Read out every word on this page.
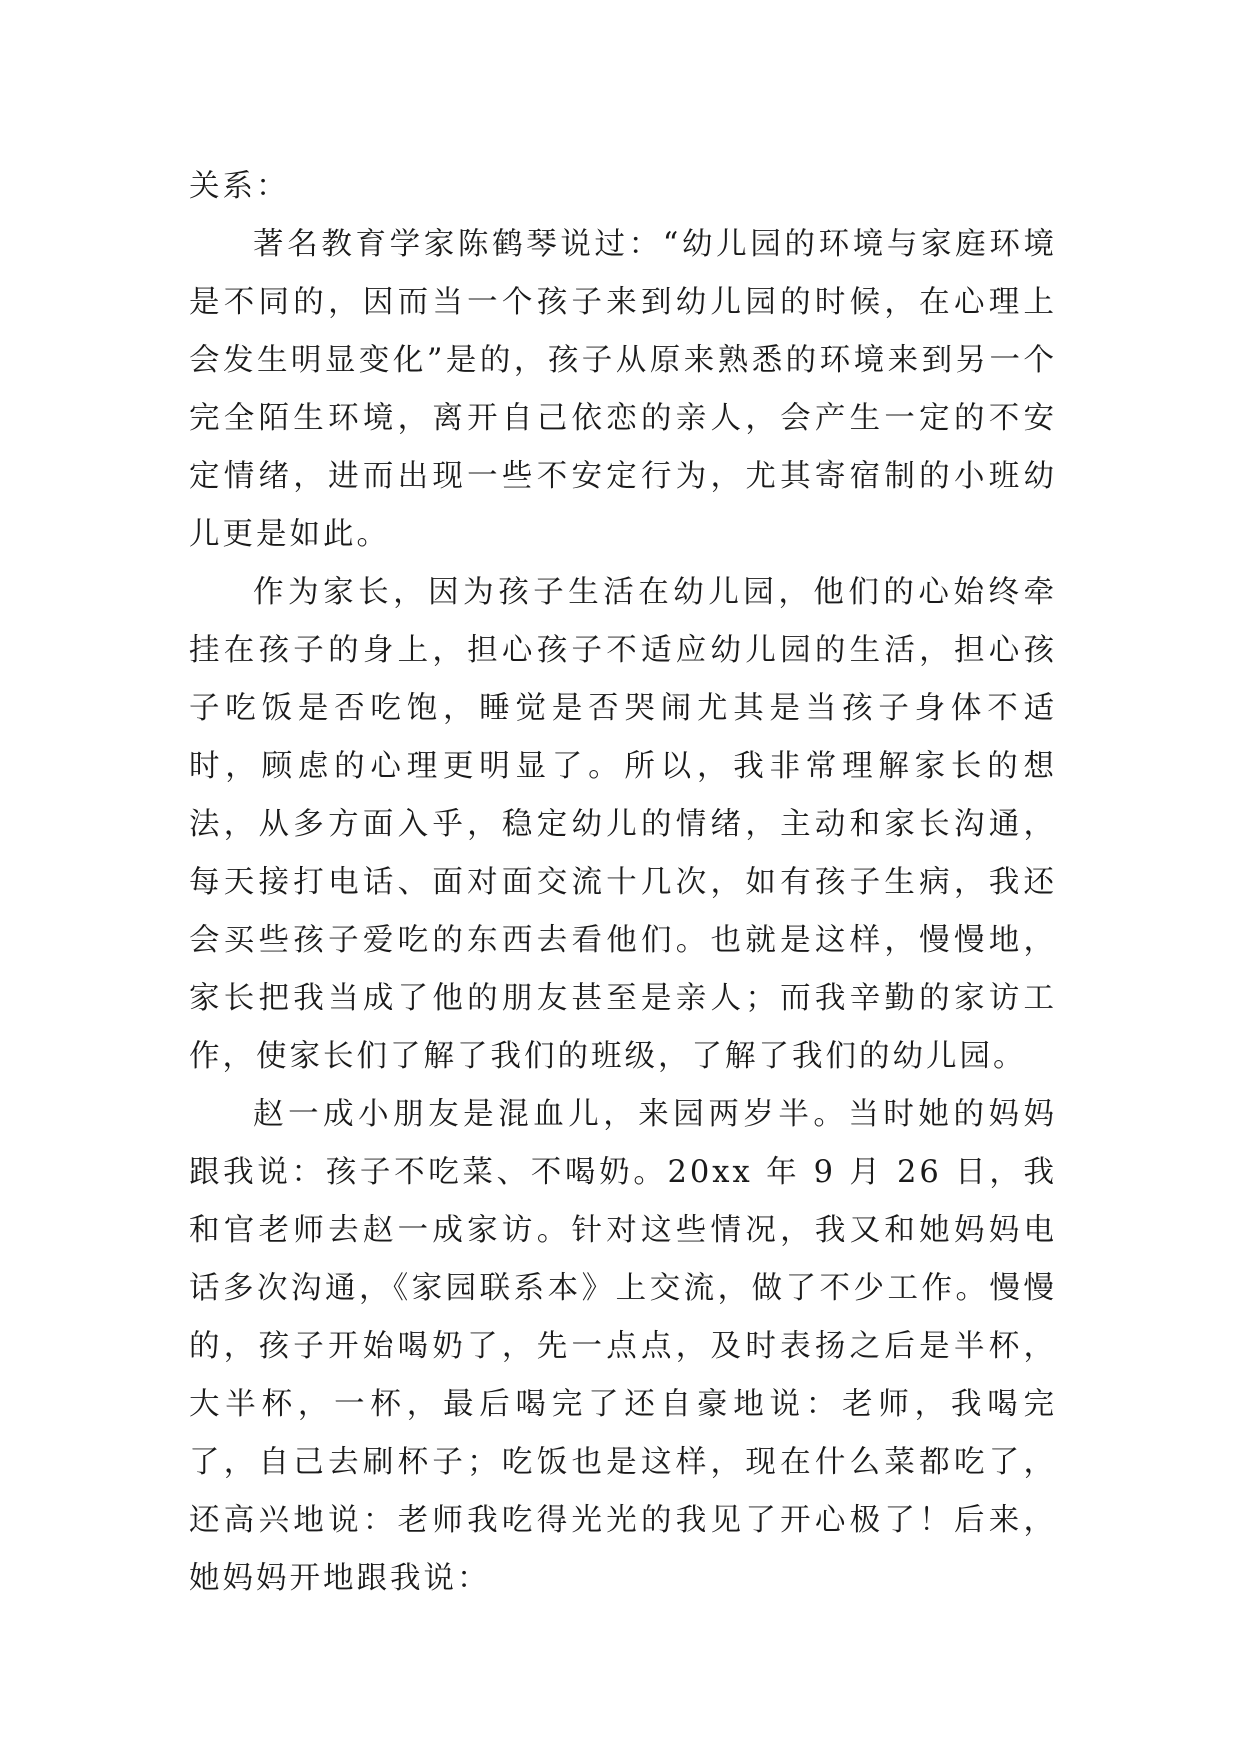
关系：

著名教育学家陈鹤琴说过：“幼儿园的环境与家庭环境是不同的，因而当一个孩子来到幼儿园的时候，在心理上会发生明显变化”是的，孩子从原来熟悉的环境来到另一个完全陌生环境，离开自己依恋的亲人，会产生一定的不安定情绪，进而出现一些不安定行为，尤其寄宿制的小班幼儿更是如此。

作为家长，因为孩子生活在幼儿园，他们的心始终牵挂在孩子的身上，担心孩子不适应幼儿园的生活，担心孩子吃饭是否吃饱，睡觉是否哭闹尤其是当孩子身体不适时，顾虑的心理更明显了。所以，我非常理解家长的想法，从多方面入乎，稳定幼儿的情绪，主动和家长沟通，每天接打电话、面对面交流十几次，如有孩子生病，我还会买些孩子爱吃的东西去看他们。也就是这样，慢慢地，家长把我当成了他的朋友甚至是亲人；而我辛勤的家访工作，使家长们了解了我们的班级，了解了我们的幼儿园。

赵一成小朋友是混血儿，来园两岁半。当时她的妈妈跟我说：孩子不吃菜、不喝奶。20xx 年 9 月 26 日，我和官老师去赵一成家访。针对这些情况，我又和她妈妈电话多次沟通，《家园联系本》上交流，做了不少工作。慢慢的，孩子开始喝奶了，先一点点，及时表扬之后是半杯，大半杯，一杯，最后喝完了还自豪地说：老师，我喝完了，自己去刷杯子；吃饭也是这样，现在什么菜都吃了，还高兴地说：老师我吃得光光的我见了开心极了！后来，她妈妈开地跟我说：
